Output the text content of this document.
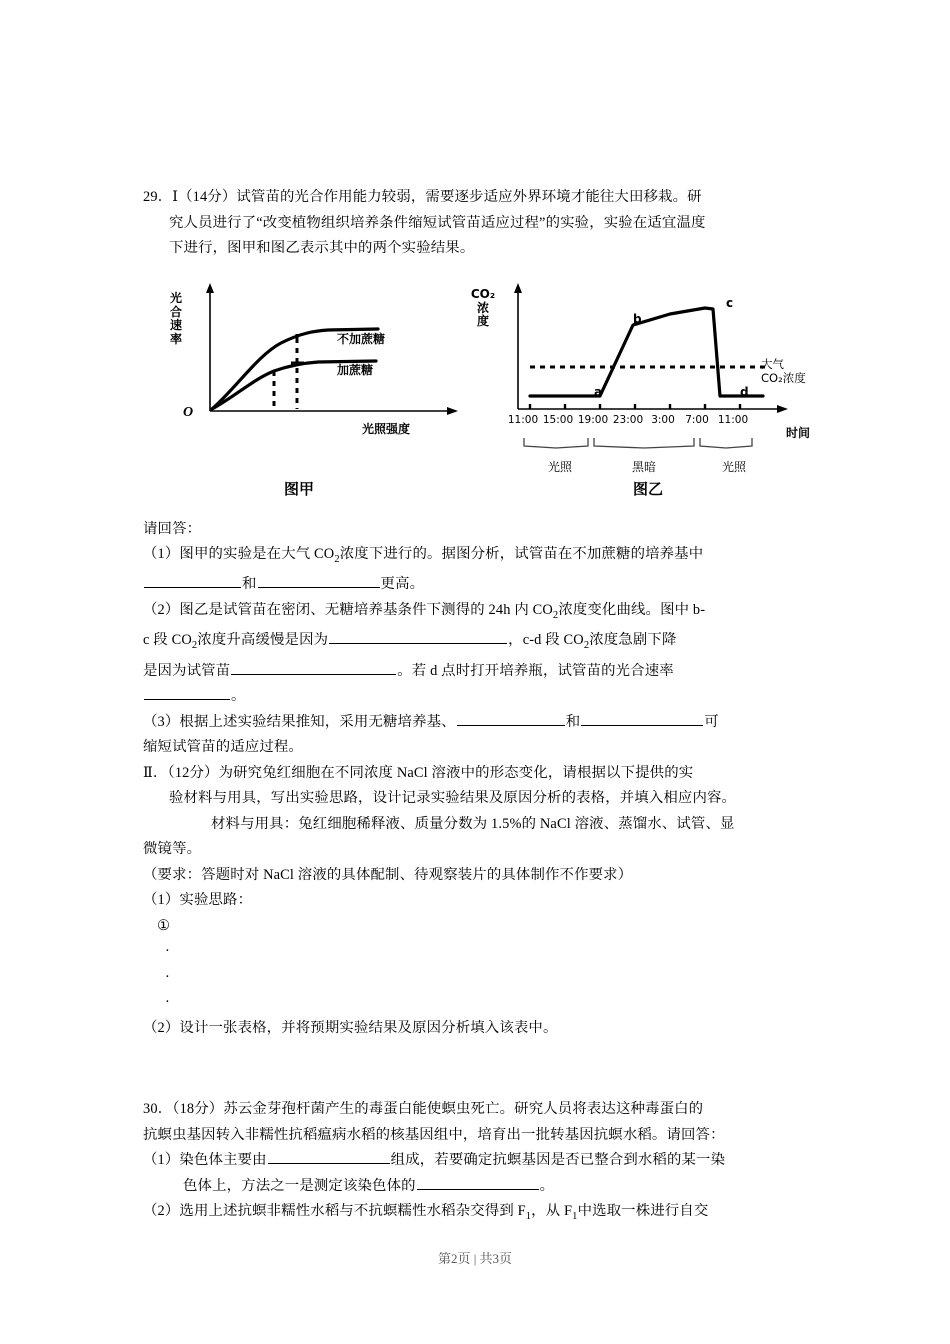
29．Ⅰ（14分）试管苗的光合作用能力较弱，需要逐步适应外界环境才能往大田移栽。研

究人员进行了“改变植物组织培养条件缩短试管苗适应过程”的实验，实验在适宜温度

下进行，图甲和图乙表示其中的两个实验结果。

请回答：

（1）图甲的实验是在大气 $CO_2$浓度下进行的。据图分析，试管苗在不加蔗糖的培养基中

和	更高。

（2）图乙是试管苗在密闭、无糖培养基条件下测得的 24h 内 $CO_2$浓度变化曲线。图中 b-

c 段 $CO_2$浓度升高缓慢是因为	，c-d 段 $CO_2$浓度急剧下降

是因为试管苗	。若 d 点时打开培养瓶，试管苗的光合速率

。

（3）根据上述实验结果推知，采用无糖培养基、	和	可

缩短试管苗的适应过程。

Ⅱ．（12分）为研究兔红细胞在不同浓度 NaCl 溶液中的形态变化，请根据以下提供的实

验材料与用具，写出实验思路，设计记录实验结果及原因分析的表格，并填入相应内容。

材料与用具：兔红细胞稀释液、质量分数为 1.5%的 NaCl 溶液、蒸馏水、试管、显

微镜等。

（要求：答题时对 NaCl 溶液的具体配制、待观察装片的具体制作不作要求）

（1）实验思路：

①

·

·

·

（2）设计一张表格，并将预期实验结果及原因分析填入该表中。

30．（18分）苏云金芽孢杆菌产生的毒蛋白能使螟虫死亡。研究人员将表达这种毒蛋白的

抗螟虫基因转入非糯性抗稻瘟病水稻的核基因组中，培育出一批转基因抗螟水稻。请回答：

（1）染色体主要由	组成，若要确定抗螟基因是否已整合到水稻的某一染

色体上，方法之一是测定该染色体的	。

（2）选用上述抗螟非糯性水稻与不抗螟糯性水稻杂交得到 $F_1$，从 $F_1$中选取一株进行自交

光
合
速
率
O
不加蔗糖
加蔗糖
光照强度
图甲
CO₂
浓
度
a
b
c
d
大气
CO₂浓度
11:00 15:00 19:00 23:00 3:00 7:00 11:00
时间
光照	黑暗	光照
图乙
第2页 | 共3页
